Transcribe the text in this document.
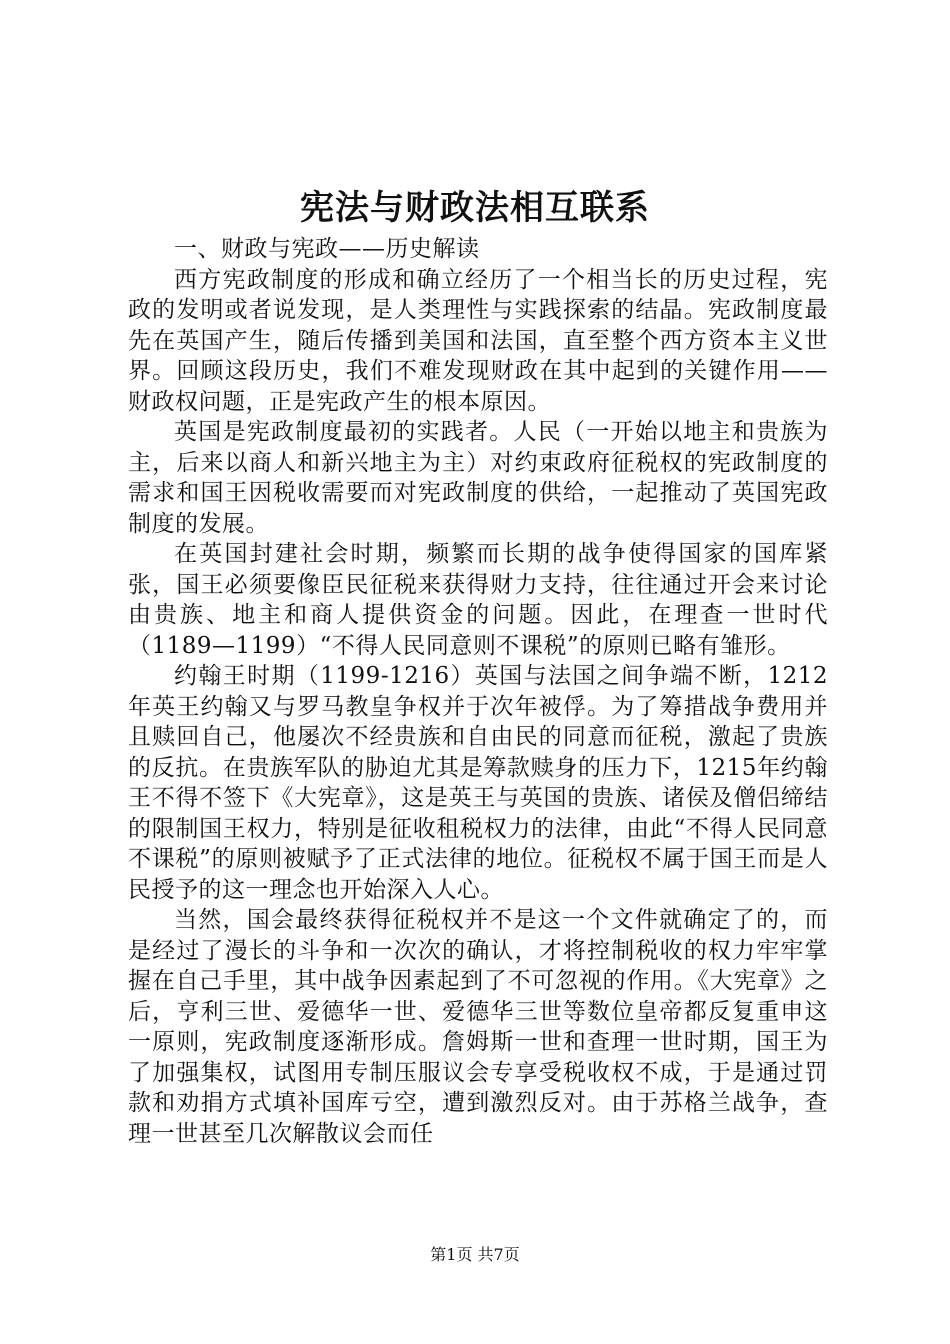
宪法与财政法相互联系

一、财政与宪政——历史解读

西方宪政制度的形成和确立经历了一个相当长的历史过程，宪政的发明或者说发现，是人类理性与实践探索的结晶。宪政制度最先在英国产生，随后传播到美国和法国，直至整个西方资本主义世界。回顾这段历史，我们不难发现财政在其中起到的关键作用——财政权问题，正是宪政产生的根本原因。

英国是宪政制度最初的实践者。人民（一开始以地主和贵族为主，后来以商人和新兴地主为主）对约束政府征税权的宪政制度的需求和国王因税收需要而对宪政制度的供给，一起推动了英国宪政制度的发展。

在英国封建社会时期，频繁而长期的战争使得国家的国库紧张，国王必须要像臣民征税来获得财力支持，往往通过开会来讨论由贵族、地主和商人提供资金的问题。因此，在理查一世时代（1189—1199）“不得人民同意则不课税”的原则已略有雏形。

约翰王时期（1199-1216）英国与法国之间争端不断，1212年英王约翰又与罗马教皇争权并于次年被俘。为了筹措战争费用并且赎回自己，他屡次不经贵族和自由民的同意而征税，激起了贵族的反抗。在贵族军队的胁迫尤其是筹款赎身的压力下，1215年约翰王不得不签下《大宪章》，这是英王与英国的贵族、诸侯及僧侣缔结的限制国王权力，特别是征收租税权力的法律，由此“不得人民同意不课税”的原则被赋予了正式法律的地位。征税权不属于国王而是人民授予的这一理念也开始深入人心。

当然，国会最终获得征税权并不是这一个文件就确定了的，而是经过了漫长的斗争和一次次的确认，才将控制税收的权力牢牢掌握在自己手里，其中战争因素起到了不可忽视的作用。《大宪章》之后，亨利三世、爱德华一世、爱德华三世等数位皇帝都反复重申这一原则，宪政制度逐渐形成。詹姆斯一世和查理一世时期，国王为了加强集权，试图用专制压服议会专享受税收权不成，于是通过罚款和劝捐方式填补国库亏空，遭到激烈反对。由于苏格兰战争，查理一世甚至几次解散议会而任

第1页 共7页
